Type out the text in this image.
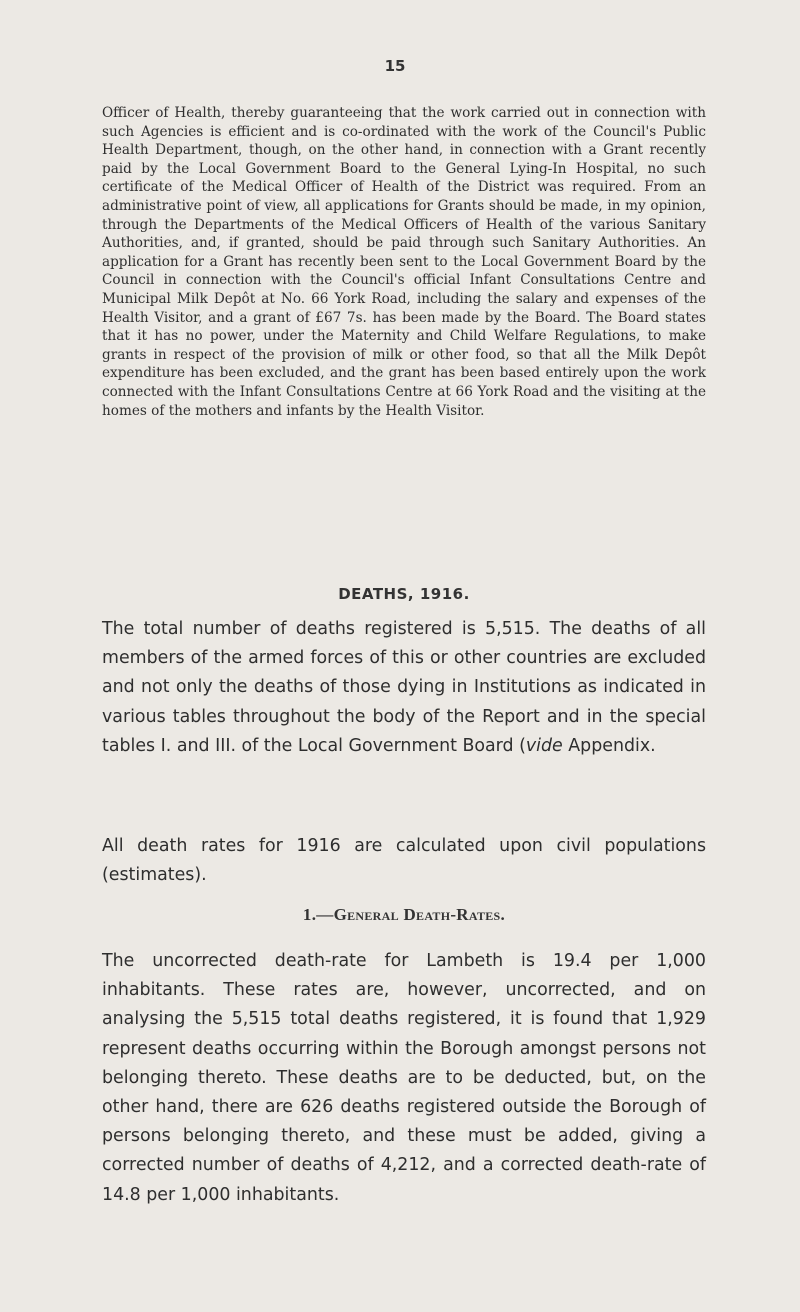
15

Officer of Health, thereby guaranteeing that the work carried out in connection with such Agencies is efficient and is co-ordinated with the work of the Council's Public Health Department, though, on the other hand, in connection with a Grant recently paid by the Local Government Board to the General Lying-In Hospital, no such certificate of the Medical Officer of Health of the District was required. From an administrative point of view, all applications for Grants should be made, in my opinion, through the Departments of the Medical Officers of Health of the various Sanitary Authorities, and, if granted, should be paid through such Sanitary Authorities. An application for a Grant has recently been sent to the Local Government Board by the Council in connection with the Council's official Infant Consultations Centre and Municipal Milk Depôt at No. 66 York Road, including the salary and expenses of the Health Visitor, and a grant of £67 7s. has been made by the Board. The Board states that it has no power, under the Maternity and Child Welfare Regulations, to make grants in respect of the provision of milk or other food, so that all the Milk Depôt expenditure has been excluded, and the grant has been based entirely upon the work connected with the Infant Consultations Centre at 66 York Road and the visiting at the homes of the mothers and infants by the Health Visitor.

DEATHS, 1916.

The total number of deaths registered is 5,515. The deaths of all members of the armed forces of this or other countries are excluded and not only the deaths of those dying in Institutions as indicated in various tables throughout the body of the Report and in the special tables I. and III. of the Local Government Board (vide Appendix.

All death rates for 1916 are calculated upon civil populations (estimates).

1.—General Death-Rates.

The uncorrected death-rate for Lambeth is 19.4 per 1,000 inhabitants. These rates are, however, uncorrected, and on analysing the 5,515 total deaths registered, it is found that 1,929 represent deaths occurring within the Borough amongst persons not belonging thereto. These deaths are to be deducted, but, on the other hand, there are 626 deaths registered outside the Borough of persons belonging thereto, and these must be added, giving a corrected number of deaths of 4,212, and a corrected death-rate of 14.8 per 1,000 inhabitants.
